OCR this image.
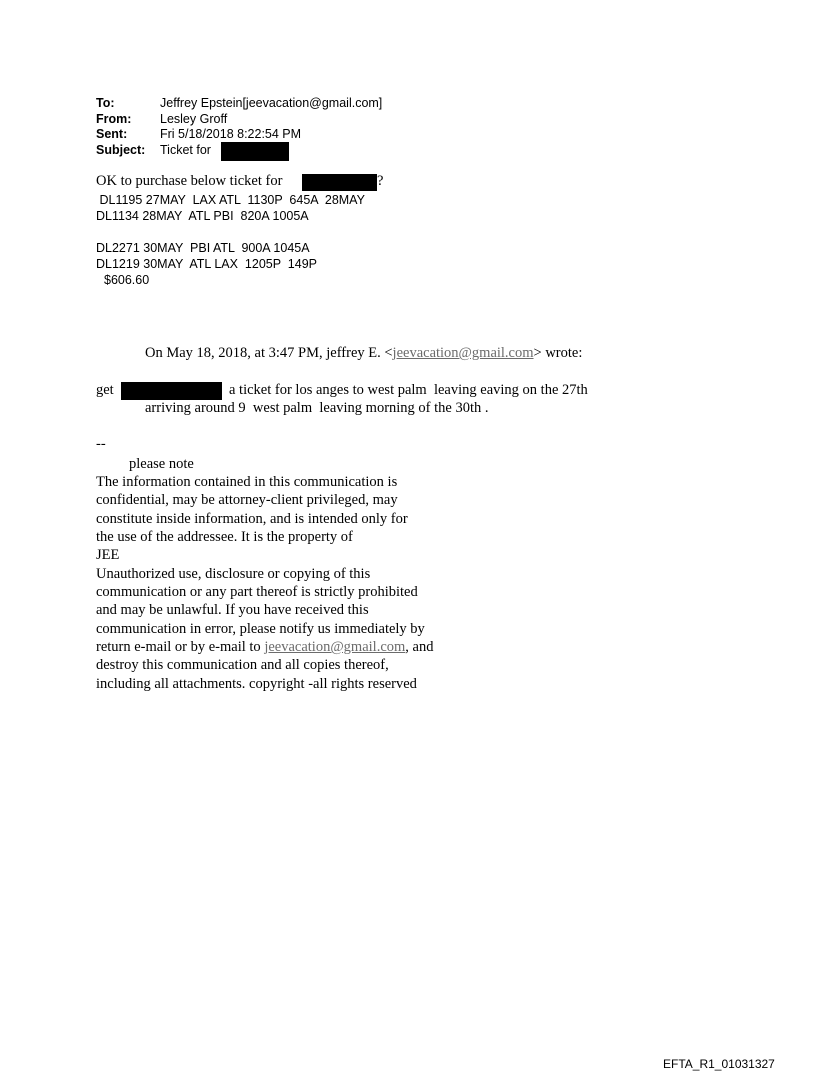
To:	Jeffrey Epstein[jeevacation@gmail.com]
From: Lesley Groff
Sent:	Fri 5/18/2018 8:22:54 PM
Subject: Ticket for
OK to purchase below ticket for	?
DL1195 27MAY  LAX ATL  1130P  645A  28MAY
DL1134 28MAY  ATL PBI  820A 1005A
DL2271 30MAY  PBI ATL  900A 1045A
DL1219 30MAY  ATL LAX  1205P  149P
$606.60
On May 18, 2018, at 3:47 PM, jeffrey E. <jeevacation@gmail.com> wrote:
get	a ticket for los anges to west palm  leaving eaving on the 27th
arriving around 9  west palm  leaving morning of the 30th .
--
please note
The information contained in this communication is
confidential, may be attorney-client privileged, may
constitute inside information, and is intended only for
the use of the addressee. It is the property of
JEE
Unauthorized use, disclosure or copying of this
communication or any part thereof is strictly prohibited
and may be unlawful. If you have received this
communication in error, please notify us immediately by
return e-mail or by e-mail to jeevacation@gmail.com, and
destroy this communication and all copies thereof,
including all attachments. copyright -all rights reserved
EFTA_R1_01031327
